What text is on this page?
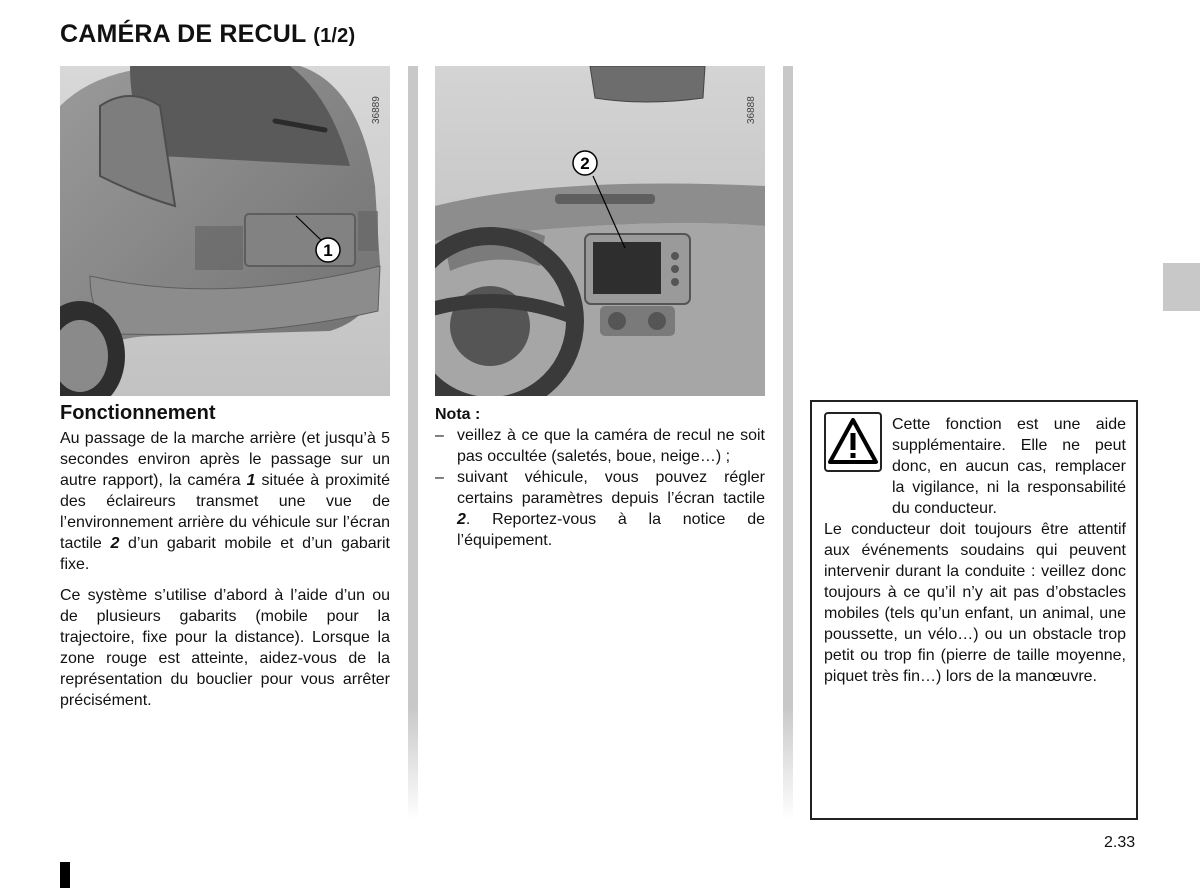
CAMÉRA DE RECUL (1/2)
1
36889
2
36888
Fonctionnement

Au passage de la marche arrière (et jusqu’à 5 secondes environ après le passage sur un autre rapport), la caméra 1 située à proximité des éclaireurs transmet une vue de l’environnement arrière du véhicule sur l’écran tactile 2 d’un gabarit mobile et d’un gabarit fixe.

Ce système s’utilise d’abord à l’aide d’un ou de plusieurs gabarits (mobile pour la trajectoire, fixe pour la distance). Lorsque la zone rouge est atteinte, aidez-vous de la représentation du bouclier pour vous arrêter précisément.

Nota :
– veillez à ce que la caméra de recul ne soit pas occultée (saletés, boue, neige…) ;
– suivant véhicule, vous pouvez régler certains paramètres depuis l’écran tactile 2. Reportez-vous à la notice de l’équipement.
Cette fonction est une aide supplémentaire. Elle ne peut donc, en aucun cas, remplacer la vigilance, ni la responsabilité du conducteur.
Le conducteur doit toujours être attentif aux événements soudains qui peuvent intervenir durant la conduite : veillez donc toujours à ce qu’il n’y ait pas d’obstacles mobiles (tels qu’un enfant, un animal, une poussette, un vélo…) ou un obstacle trop petit ou trop fin (pierre de taille moyenne, piquet très fin…) lors de la manœuvre.
2.33
